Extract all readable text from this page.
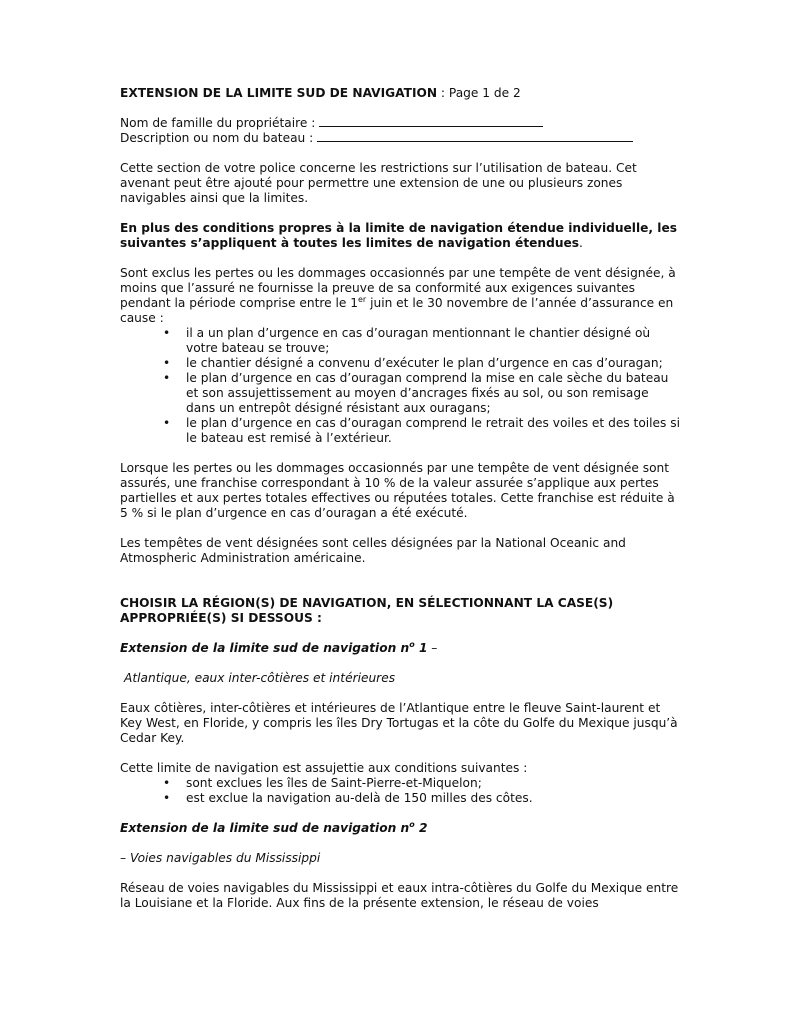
EXTENSION DE LA LIMITE SUD DE NAVIGATION : Page 1 de 2

Nom de famille du propriétaire :

Description ou nom du bateau :

Cette section de votre police concerne les restrictions sur l’utilisation de bateau. Cet avenant peut être ajouté pour permettre une extension de une ou plusieurs zones navigables ainsi que la limites.

En plus des conditions propres à la limite de navigation étendue individuelle, les suivantes s’appliquent à toutes les limites de navigation étendues.

Sont exclus les pertes ou les dommages occasionnés par une tempête de vent désignée, à moins que l’assuré ne fournisse la preuve de sa conformité aux exigences suivantes pendant la période comprise entre le 1er juin et le 30 novembre de l’année d’assurance en cause :

• il a un plan d’urgence en cas d’ouragan mentionnant le chantier désigné où votre bateau se trouve;
• le chantier désigné a convenu d’exécuter le plan d’urgence en cas d’ouragan;
• le plan d’urgence en cas d’ouragan comprend la mise en cale sèche du bateau et son assujettissement au moyen d’ancrages fixés au sol, ou son remisage dans un entrepôt désigné résistant aux ouragans;
• le plan d’urgence en cas d’ouragan comprend le retrait des voiles et des toiles si le bateau est remisé à l’extérieur.

Lorsque les pertes ou les dommages occasionnés par une tempête de vent désignée sont assurés, une franchise correspondant à 10 % de la valeur assurée s’applique aux pertes partielles et aux pertes totales effectives ou réputées totales. Cette franchise est réduite à 5 % si le plan d’urgence en cas d’ouragan a été exécuté.

Les tempêtes de vent désignées sont celles désignées par la National Oceanic and Atmospheric Administration américaine.

CHOISIR LA RÉGION(S) DE NAVIGATION, EN SÉLECTIONNANT LA CASE(S) APPROPRIÉE(S) SI DESSOUS :

Extension de la limite sud de navigation $n^o$ 1 –

Atlantique, eaux inter-côtières et intérieures

Eaux côtières, inter-côtières et intérieures de l’Atlantique entre le fleuve Saint-laurent et Key West, en Floride, y compris les îles Dry Tortugas et la côte du Golfe du Mexique jusqu’à Cedar Key.

Cette limite de navigation est assujettie aux conditions suivantes :

• sont exclues les îles de Saint-Pierre-et-Miquelon;
• est exclue la navigation au-delà de 150 milles des côtes.

Extension de la limite sud de navigation $n^o$ 2

– Voies navigables du Mississippi

Réseau de voies navigables du Mississippi et eaux intra-côtières du Golfe du Mexique entre la Louisiane et la Floride. Aux fins de la présente extension, le réseau de voies
